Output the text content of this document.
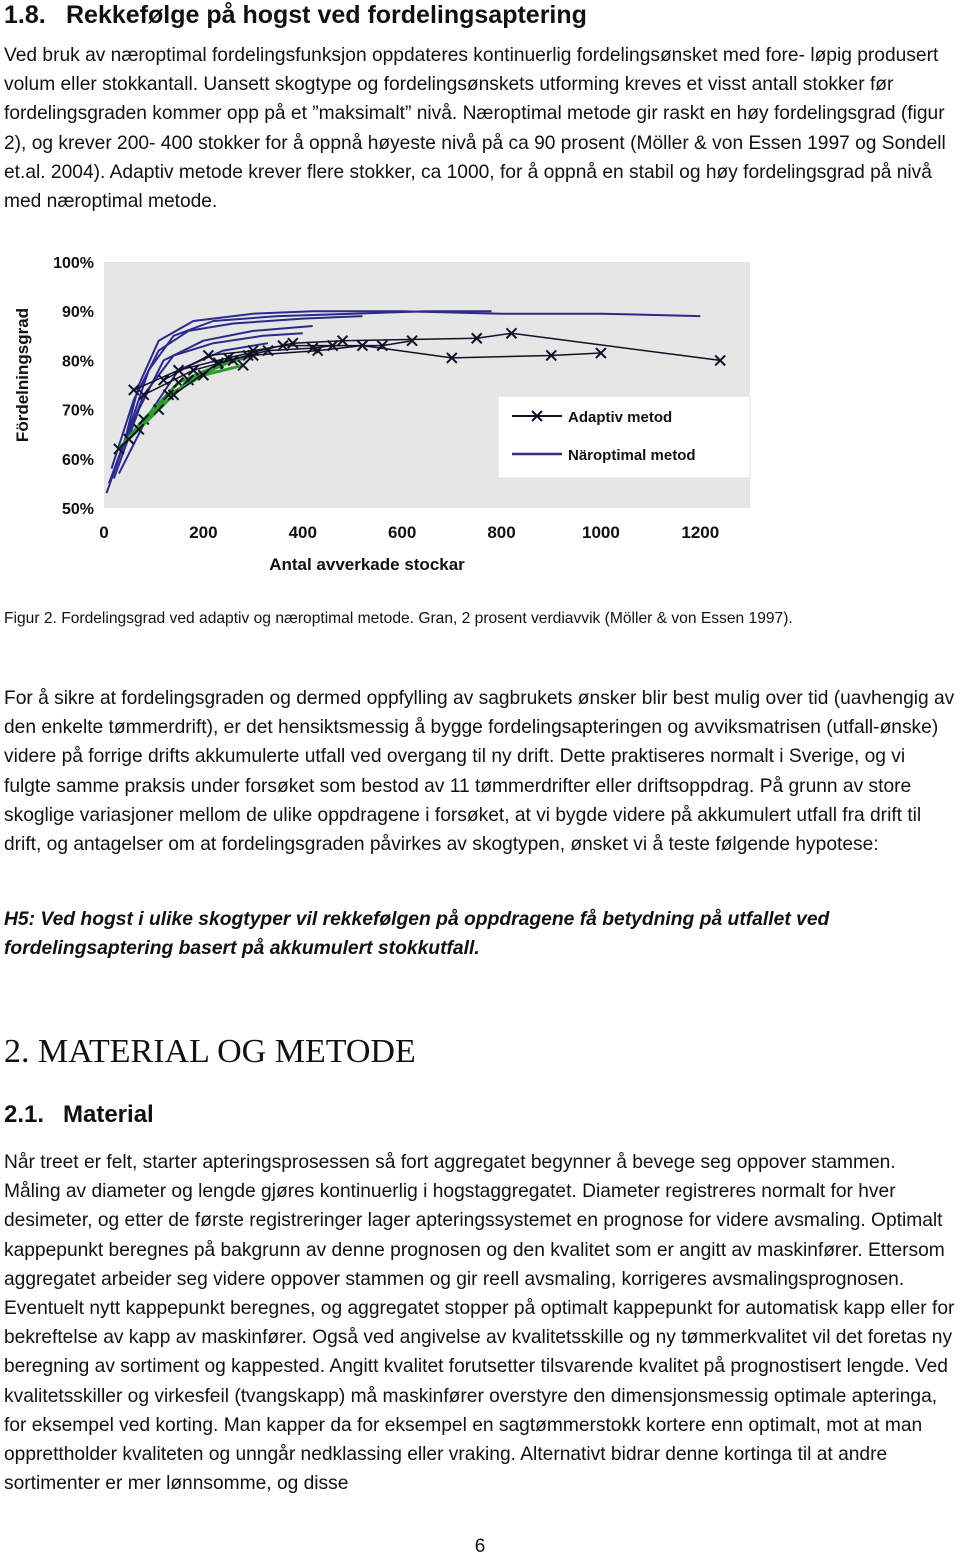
1.8. Rekkefølge på hogst ved fordelingsaptering

Ved bruk av næroptimal fordelingsfunksjon oppdateres kontinuerlig fordelingsønsket med fore- løpig produsert volum eller stokkantall. Uansett skogtype og fordelingsønskets utforming kreves et visst antall stokker før fordelingsgraden kommer opp på et ”maksimalt” nivå. Næroptimal metode gir raskt en høy fordelingsgrad (figur 2), og krever 200- 400 stokker for å oppnå høyeste nivå på ca 90 prosent (Möller & von Essen 1997 og Sondell et.al. 2004). Adaptiv metode krever flere stokker, ca 1000, for å oppnå en stabil og høy fordelingsgrad på nivå med næroptimal metode.

50%
60%
70%
80%
90%
100%
0	200	400	600	800	1000	1200
Antal avverkade stockar
Fördelningsgrad	Adaptiv metod
Näroptimal metod
Figur 2. Fordelingsgrad ved adaptiv og næroptimal metode. Gran, 2 prosent verdiavvik (Möller & von Essen 1997).

For å sikre at fordelingsgraden og dermed oppfylling av sagbrukets ønsker blir best mulig over tid (uavhengig av den enkelte tømmerdrift), er det hensiktsmessig å bygge fordelingsapteringen og avviksmatrisen (utfall-ønske) videre på forrige drifts akkumulerte utfall ved overgang til ny drift. Dette praktiseres normalt i Sverige, og vi fulgte samme praksis under forsøket som bestod av 11 tømmerdrifter eller driftsoppdrag. På grunn av store skoglige variasjoner mellom de ulike oppdragene i forsøket, at vi bygde videre på akkumulert utfall fra drift til drift, og antagelser om at fordelingsgraden påvirkes av skogtypen, ønsket vi å teste følgende hypotese:

H5: Ved hogst i ulike skogtyper vil rekkefølgen på oppdragene få betydning på utfallet ved fordelingsaptering basert på akkumulert stokkutfall.

2. MATERIAL OG METODE
2.1. Material

Når treet er felt, starter apteringsprosessen så fort aggregatet begynner å bevege seg oppover stammen. Måling av diameter og lengde gjøres kontinuerlig i hogstaggregatet. Diameter registreres normalt for hver desimeter, og etter de første registreringer lager apteringssystemet en prognose for videre avsmaling. Optimalt kappepunkt beregnes på bakgrunn av denne prognosen og den kvalitet som er angitt av maskinfører. Ettersom aggregatet arbeider seg videre oppover stammen og gir reell avsmaling, korrigeres avsmalingsprognosen. Eventuelt nytt kappepunkt beregnes, og aggregatet stopper på optimalt kappepunkt for automatisk kapp eller for bekreftelse av kapp av maskinfører. Også ved angivelse av kvalitetsskille og ny tømmerkvalitet vil det foretas ny beregning av sortiment og kappested. Angitt kvalitet forutsetter tilsvarende kvalitet på prognostisert lengde. Ved kvalitetsskiller og virkesfeil (tvangskapp) må maskinfører overstyre den dimensjonsmessig optimale apteringa, for eksempel ved korting. Man kapper da for eksempel en sagtømmerstokk kortere enn optimalt, mot at man opprettholder kvaliteten og unngår nedklassing eller vraking. Alternativt bidrar denne kortinga til at andre sortimenter er mer lønnsomme, og disse

6
